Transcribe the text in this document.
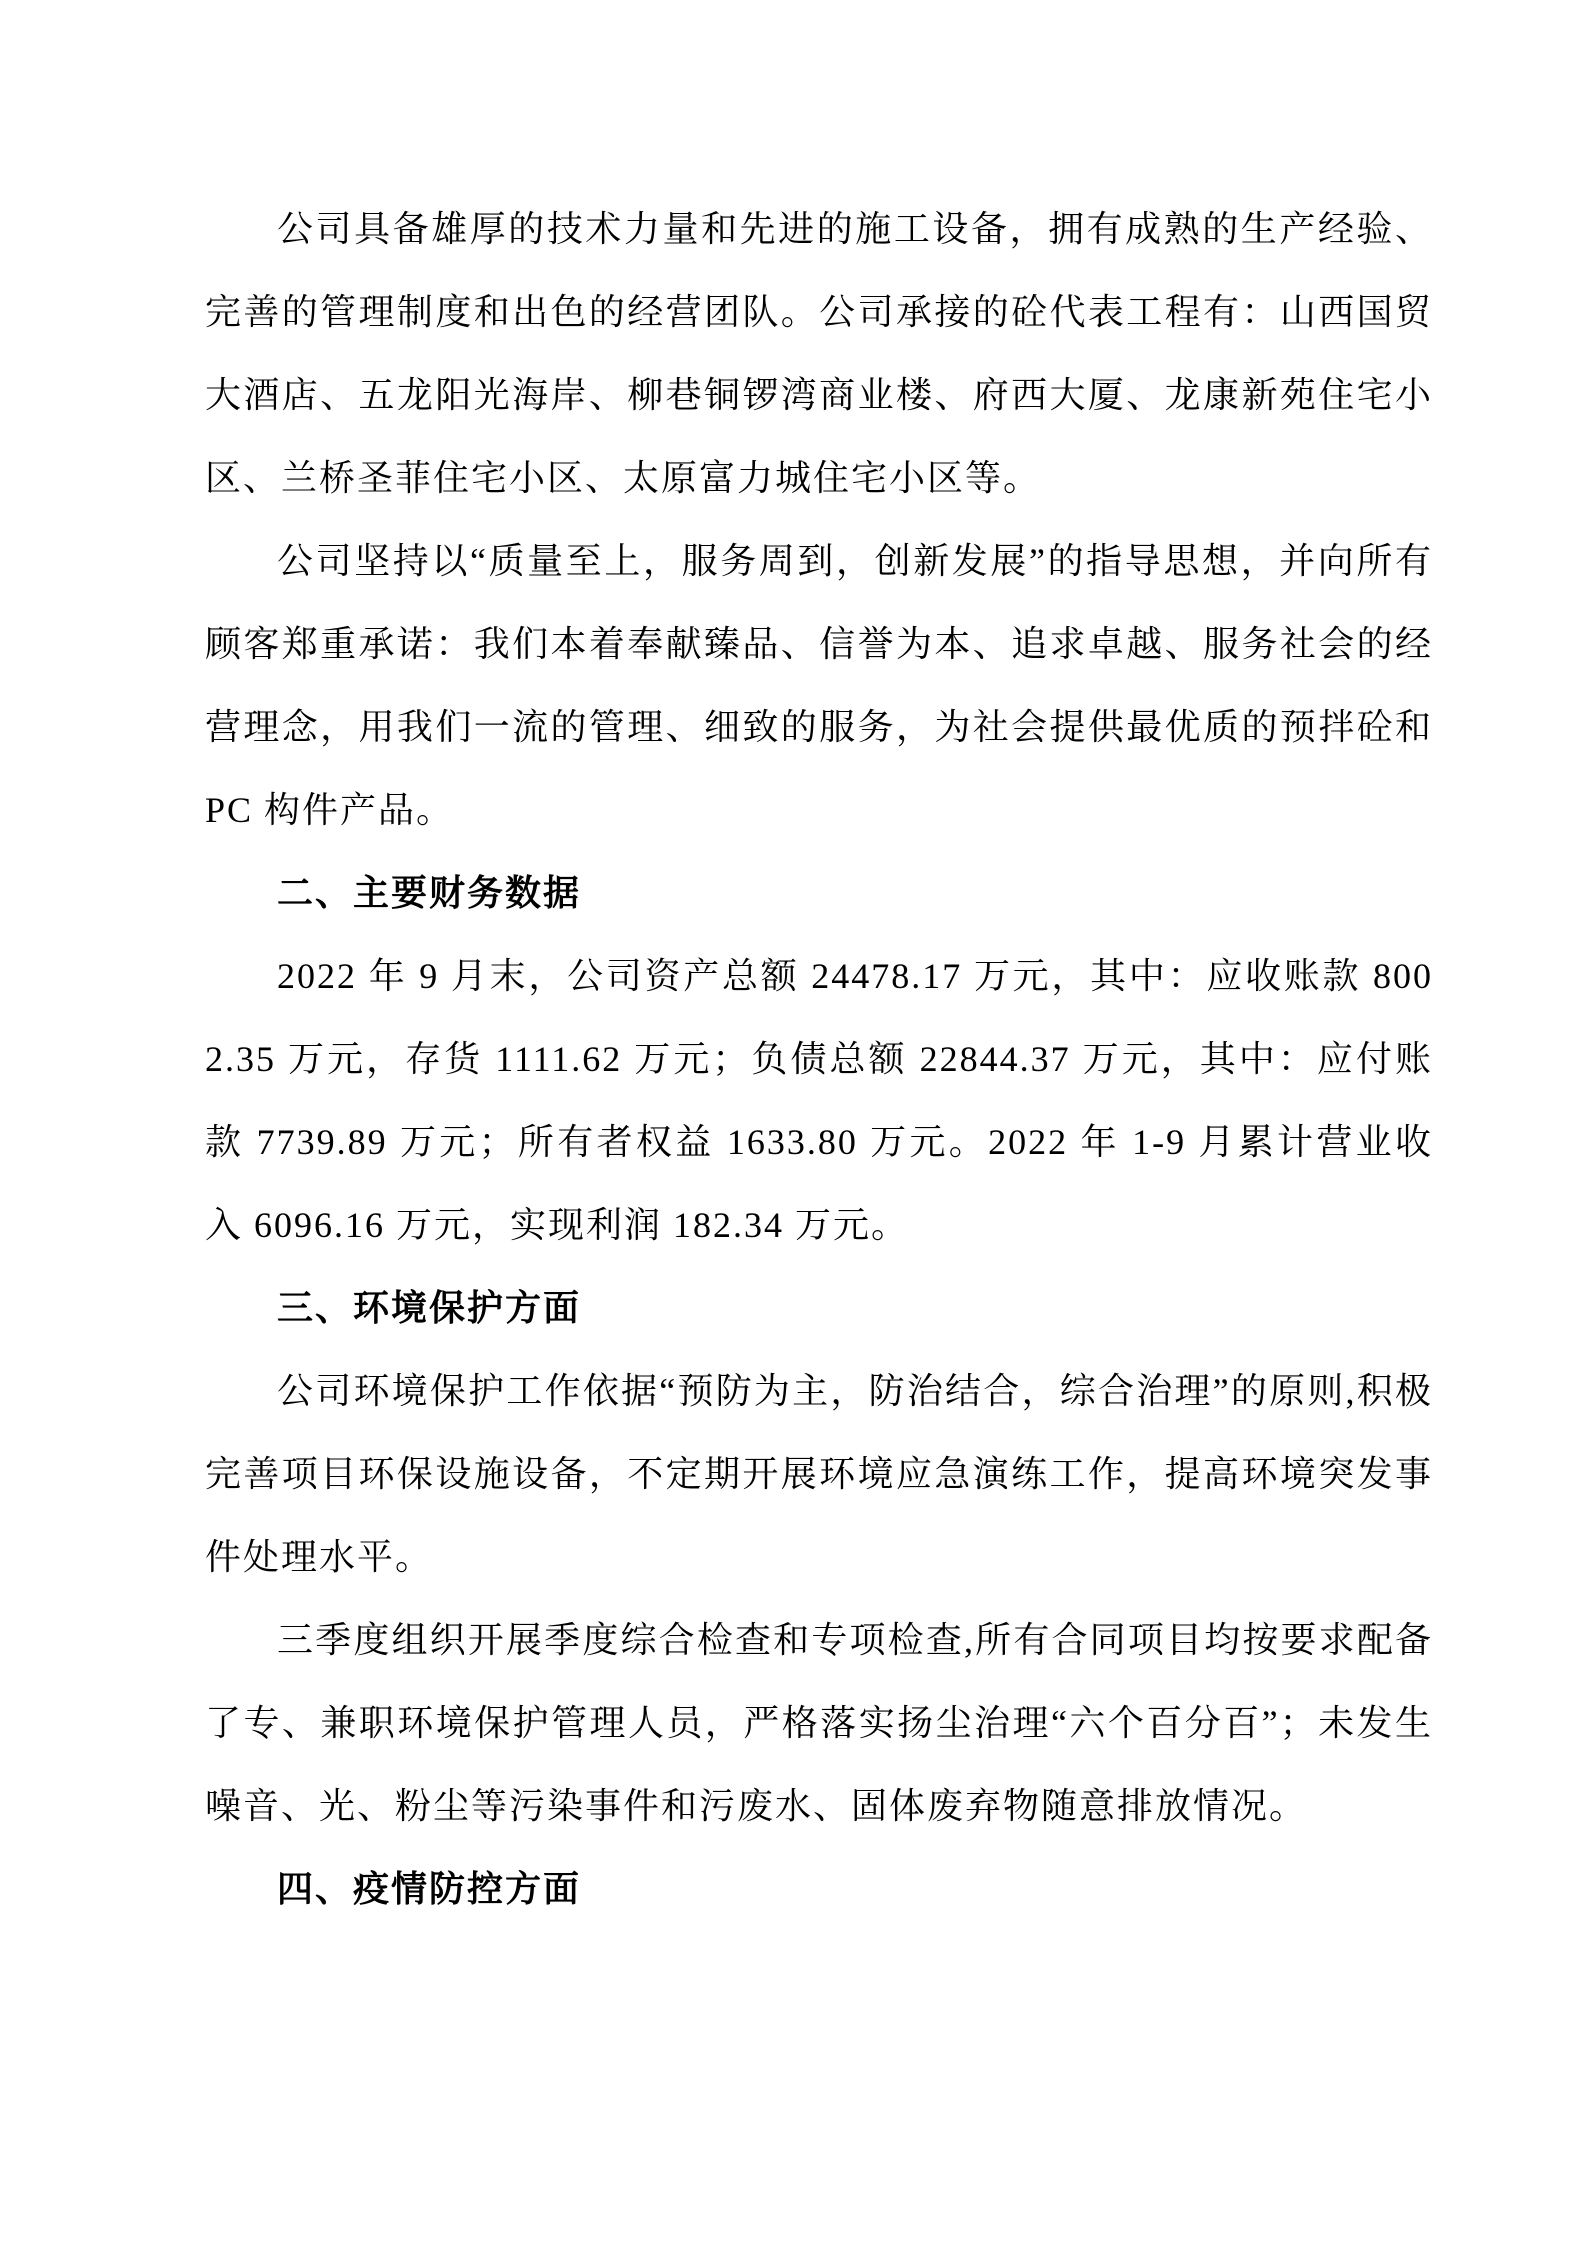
公司具备雄厚的技术力量和先进的施工设备，拥有成熟的生产经验、完善的管理制度和出色的经营团队。公司承接的砼代表工程有：山西国贸大酒店、五龙阳光海岸、柳巷铜锣湾商业楼、府西大厦、龙康新苑住宅小区、兰桥圣菲住宅小区、太原富力城住宅小区等。

公司坚持以“质量至上，服务周到，创新发展”的指导思想，并向所有顾客郑重承诺：我们本着奉献臻品、信誉为本、追求卓越、服务社会的经营理念，用我们一流的管理、细致的服务，为社会提供最优质的预拌砼和 PC 构件产品。

二、主要财务数据

2022 年 9 月末，公司资产总额 24478.17 万元，其中：应收账款 8002.35 万元，存货 1111.62 万元；负债总额 22844.37 万元，其中：应付账款 7739.89 万元；所有者权益 1633.80 万元。2022 年 1-9 月累计营业收入 6096.16 万元，实现利润 182.34 万元。

三、环境保护方面

公司环境保护工作依据“预防为主，防治结合，综合治理”的原则,积极完善项目环保设施设备，不定期开展环境应急演练工作，提高环境突发事件处理水平。

三季度组织开展季度综合检查和专项检查,所有合同项目均按要求配备了专、兼职环境保护管理人员，严格落实扬尘治理“六个百分百”；未发生噪音、光、粉尘等污染事件和污废水、固体废弃物随意排放情况。

四、疫情防控方面
